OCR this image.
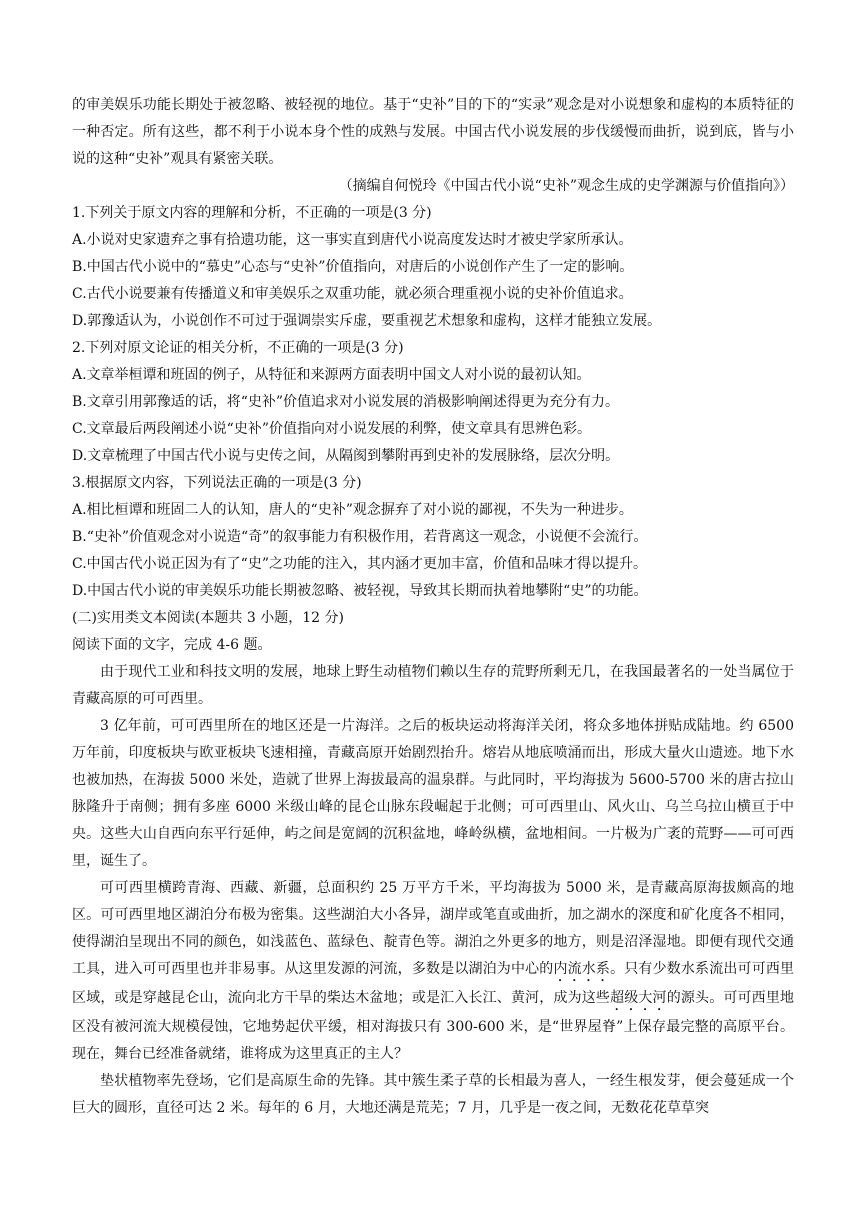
的审美娱乐功能长期处于被忽略、被轻视的地位。基于“史补”目的下的“实录”观念是对小说想象和虚构的本质特征的一种否定。所有这些，都不利于小说本身个性的成熟与发展。中国古代小说发展的步伐缓慢而曲折，说到底，皆与小说的这种“史补”观具有紧密关联。

（摘编自何悦玲《中国古代小说“史补”观念生成的史学渊源与价值指向》）

1.下列关于原文内容的理解和分析，不正确的一项是(3 分)

A.小说对史家遗弃之事有拾遗功能，这一事实直到唐代小说高度发达时才被史学家所承认。

B.中国古代小说中的“慕史”心态与“史补”价值指向，对唐后的小说创作产生了一定的影响。

C.古代小说要兼有传播道义和审美娱乐之双重功能，就必须合理重视小说的史补价值追求。

D.郭豫适认为，小说创作不可过于强调崇实斥虚，要重视艺术想象和虚构，这样才能独立发展。

2.下列对原文论证的相关分析，不正确的一项是(3 分)

A.文章举桓谭和班固的例子，从特征和来源两方面表明中国文人对小说的最初认知。

B.文章引用郭豫适的话，将“史补”价值追求对小说发展的消极影响阐述得更为充分有力。

C.文章最后两段阐述小说“史补”价值指向对小说发展的利弊，使文章具有思辨色彩。

D.文章梳理了中国古代小说与史传之间，从隔阂到攀附再到史补的发展脉络，层次分明。

3.根据原文内容，下列说法正确的一项是(3 分)

A.相比桓谭和班固二人的认知，唐人的“史补”观念摒弃了对小说的鄙视，不失为一种进步。

B.“史补”价值观念对小说造“奇”的叙事能力有积极作用，若背离这一观念，小说便不会流行。

C.中国古代小说正因为有了“史”之功能的注入，其内涵才更加丰富，价值和品味才得以提升。

D.中国古代小说的审美娱乐功能长期被忽略、被轻视，导致其长期而执着地攀附“史”的功能。

(二)实用类文本阅读(本题共 3 小题，12 分)

阅读下面的文字，完成 4-6 题。

由于现代工业和科技文明的发展，地球上野生动植物们赖以生存的荒野所剩无几，在我国最著名的一处当属位于青藏高原的可可西里。

3 亿年前，可可西里所在的地区还是一片海洋。之后的板块运动将海洋关闭，将众多地体拼贴成陆地。约 6500 万年前，印度板块与欧亚板块飞速相撞，青藏高原开始剧烈抬升。熔岩从地底喷涌而出，形成大量火山遗迹。地下水也被加热，在海拔 5000 米处，造就了世界上海拔最高的温泉群。与此同时，平均海拔为 5600-5700 米的唐古拉山脉隆升于南侧；拥有多座 6000 米级山峰的昆仑山脉东段崛起于北侧；可可西里山、风火山、乌兰乌拉山横亘于中央。这些大山自西向东平行延伸，屿之间是宽阔的沉积盆地，峰岭纵横，盆地相间。一片极为广袤的荒野——可可西里，诞生了。

可可西里横跨青海、西藏、新疆，总面积约 25 万平方千米，平均海拔为 5000 米，是青藏高原海拔颇高的地区。可可西里地区湖泊分布极为密集。这些湖泊大小各异，湖岸或笔直或曲折，加之湖水的深度和矿化度各不相同，使得湖泊呈现出不同的颜色，如浅蓝色、蓝绿色、靛青色等。湖泊之外更多的地方，则是沼泽湿地。即便有现代交通工具，进入可可西里也并非易事。从这里发源的河流，多数是以湖泊为中心的内流水系。只有少数水系流出可可西里区域，或是穿越昆仑山，流向北方干旱的柴达木盆地；或是汇入长江、黄河，成为这些超级大河的源头。可可西里地区没有被河流大规模侵蚀，它地势起伏平缓，相对海拔只有 300-600 米，是“世界屋脊”上保存最完整的高原平台。现在，舞台已经准备就绪，谁将成为这里真正的主人？

垫状植物率先登场，它们是高原生命的先锋。其中簇生柔子草的长相最为喜人，一经生根发芽，便会蔓延成一个巨大的圆形，直径可达 2 米。每年的 6 月，大地还满是荒芜；7 月，几乎是一夜之间，无数花花草草突
